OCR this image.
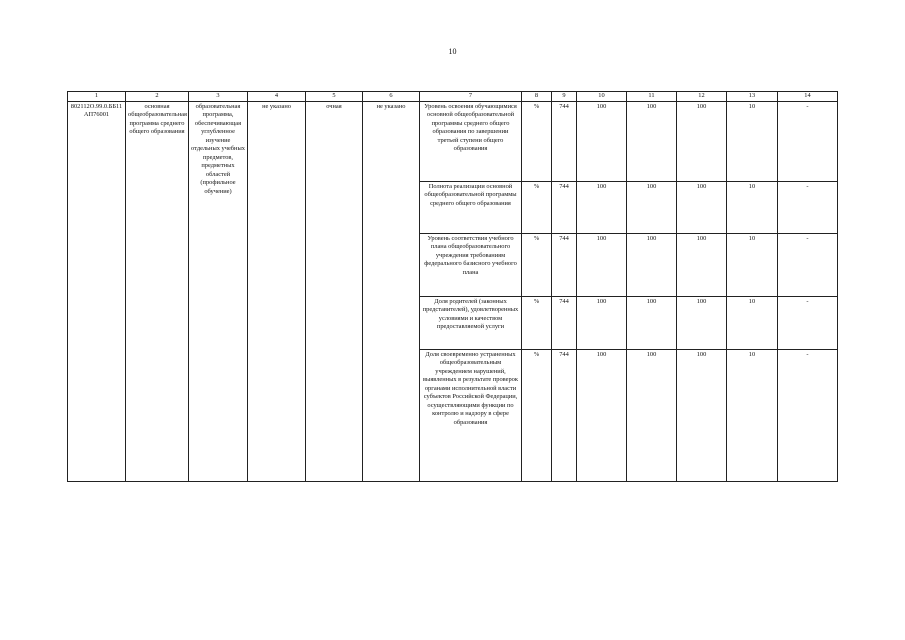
10
1	2	3	4	5	6	7	8	9	10	11	12	13	14
802112О.99.0.ББ11АП76001	основная общеобразовательная программа среднего общего образования	образовательная программа, обеспечивающая углубленное изучение отдельных учебных предметов, предметных областей (профильное обучение)	не указано	очная	не указано	Уровень освоения обучающимися основной общеобразовательной программы среднего общего образования по завершении третьей ступени общего образования	%	744	100	100	100	10	-
						Полнота реализации основной общеобразовательной программы среднего общего образования	%	744	100	100	100	10	-
						Уровень соответствия учебного плана общеобразовательного учреждения требованиям федерального базисного учебного плана	%	744	100	100	100	10	-
						Доля родителей (законных представителей), удовлетворенных условиями и качеством предоставляемой услуги	%	744	100	100	100	10	-
						Доля своевременно устраненных общеобразовательным учреждением нарушений, выявленных в результате проверок органами исполнительной власти субъектов Российской Федерации, осуществляющими функции по контролю и надзору в сфере образования	%	744	100	100	100	10	-
